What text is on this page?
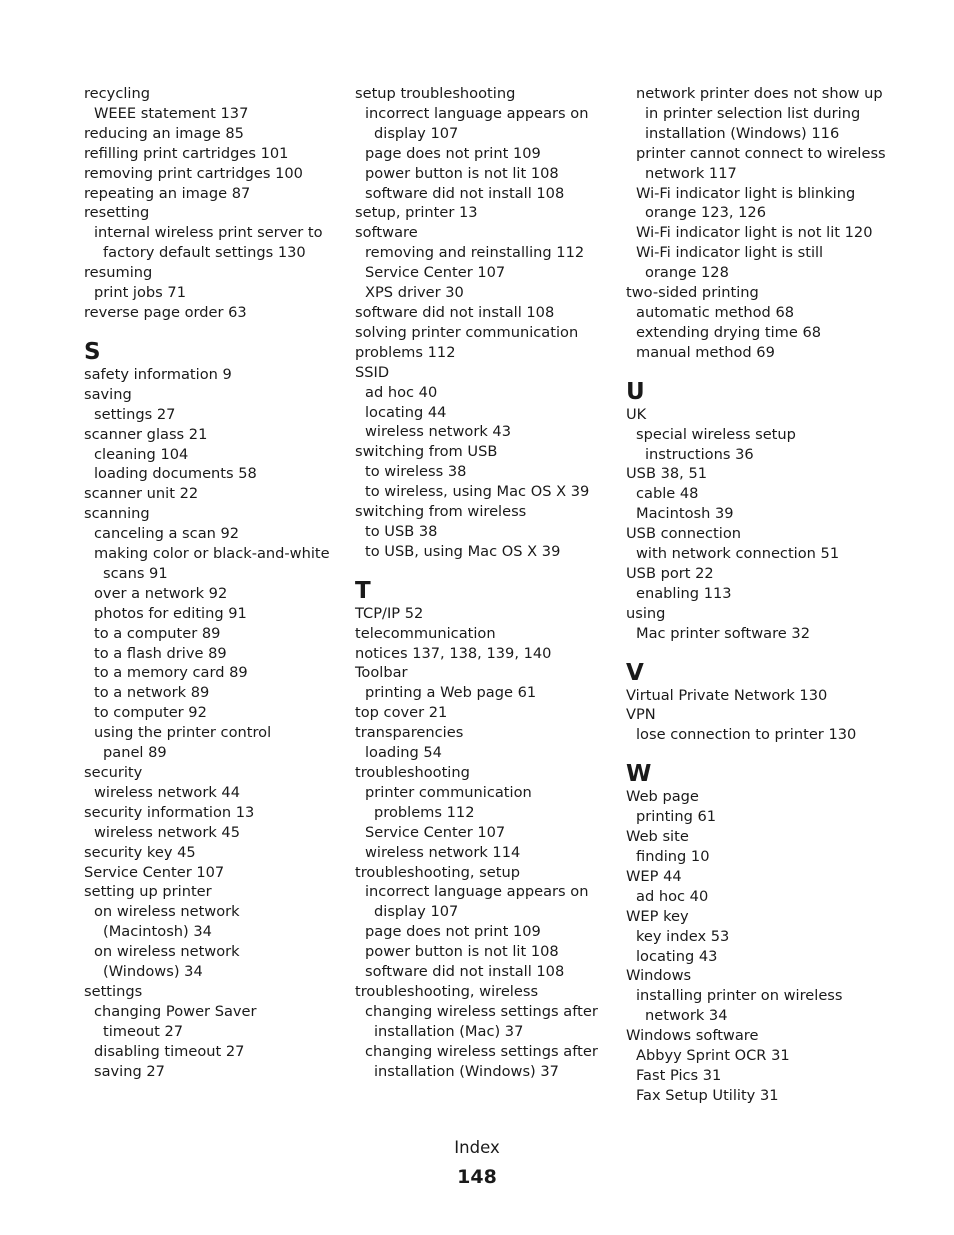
recycling
WEEE statement 137
reducing an image 85
refilling print cartridges 101
removing print cartridges 100
repeating an image 87
resetting
internal wireless print server to
factory default settings 130
resuming
print jobs 71
reverse page order 63
S
safety information 9
saving
settings 27
scanner glass 21
cleaning 104
loading documents 58
scanner unit 22
scanning
canceling a scan 92
making color or black-and-white
scans 91
over a network 92
photos for editing 91
to a computer 89
to a flash drive 89
to a memory card 89
to a network 89
to computer 92
using the printer control
panel 89
security
wireless network 44
security information 13
wireless network 45
security key 45
Service Center 107
setting up printer
on wireless network
(Macintosh) 34
on wireless network
(Windows) 34
settings
changing Power Saver
timeout 27
disabling timeout 27
saving 27
setup troubleshooting
incorrect language appears on
display 107
page does not print 109
power button is not lit 108
software did not install 108
setup, printer 13
software
removing and reinstalling 112
Service Center 107
XPS driver 30
software did not install 108
solving printer communication
problems 112
SSID
ad hoc 40
locating 44
wireless network 43
switching from USB
to wireless 38
to wireless, using Mac OS X 39
switching from wireless
to USB 38
to USB, using Mac OS X 39
T
TCP/IP 52
telecommunication
notices 137, 138, 139, 140
Toolbar
printing a Web page 61
top cover 21
transparencies
loading 54
troubleshooting
printer communication
problems 112
Service Center 107
wireless network 114
troubleshooting, setup
incorrect language appears on
display 107
page does not print 109
power button is not lit 108
software did not install 108
troubleshooting, wireless
changing wireless settings after
installation (Mac) 37
changing wireless settings after
installation (Windows) 37
network printer does not show up
in printer selection list during
installation (Windows) 116
printer cannot connect to wireless
network 117
Wi-Fi indicator light is blinking
orange 123, 126
Wi-Fi indicator light is not lit 120
Wi-Fi indicator light is still
orange 128
two-sided printing
automatic method 68
extending drying time 68
manual method 69
U
UK
special wireless setup
instructions 36
USB 38, 51
cable 48
Macintosh 39
USB connection
with network connection 51
USB port 22
enabling 113
using
Mac printer software 32
V
Virtual Private Network 130
VPN
lose connection to printer 130
W
Web page
printing 61
Web site
finding 10
WEP 44
ad hoc 40
WEP key
key index 53
locating 43
Windows
installing printer on wireless
network 34
Windows software
Abbyy Sprint OCR 31
Fast Pics 31
Fax Setup Utility 31
Index
148
